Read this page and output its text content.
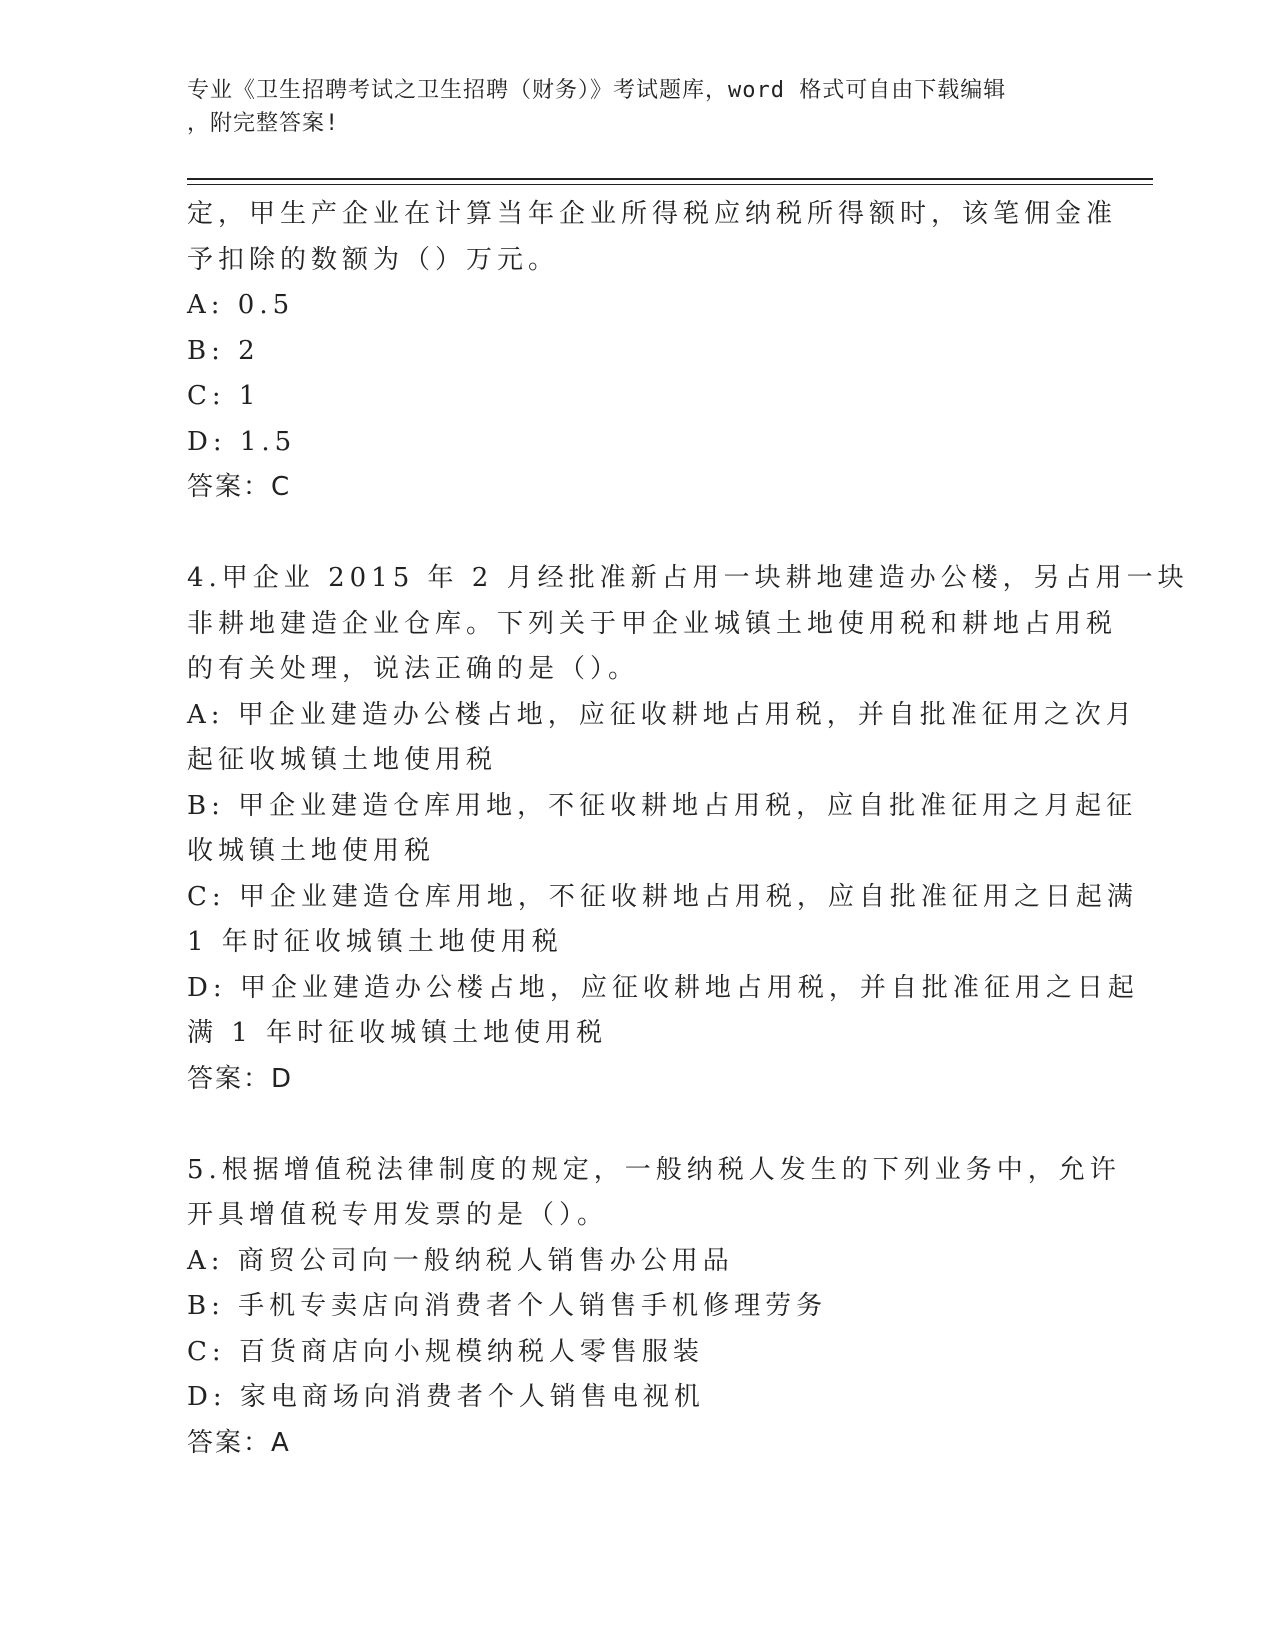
专业《卫生招聘考试之卫生招聘（财务）》考试题库，word 格式可自由下载编辑
，附完整答案!
定，甲生产企业在计算当年企业所得税应纳税所得额时，该笔佣金准
予扣除的数额为（）万元。
A: 0.5
B: 2
C: 1
D: 1.5
答案：C
4.甲企业 2015 年 2 月经批准新占用一块耕地建造办公楼，另占用一块
非耕地建造企业仓库。下列关于甲企业城镇土地使用税和耕地占用税
的有关处理，说法正确的是（）。
A: 甲企业建造办公楼占地，应征收耕地占用税，并自批准征用之次月
起征收城镇土地使用税
B: 甲企业建造仓库用地，不征收耕地占用税，应自批准征用之月起征
收城镇土地使用税
C: 甲企业建造仓库用地，不征收耕地占用税，应自批准征用之日起满
1 年时征收城镇土地使用税
D: 甲企业建造办公楼占地，应征收耕地占用税，并自批准征用之日起
满 1 年时征收城镇土地使用税
答案：D
5.根据增值税法律制度的规定，一般纳税人发生的下列业务中，允许
开具增值税专用发票的是（）。
A: 商贸公司向一般纳税人销售办公用品
B: 手机专卖店向消费者个人销售手机修理劳务
C: 百货商店向小规模纳税人零售服装
D: 家电商场向消费者个人销售电视机
答案：A
